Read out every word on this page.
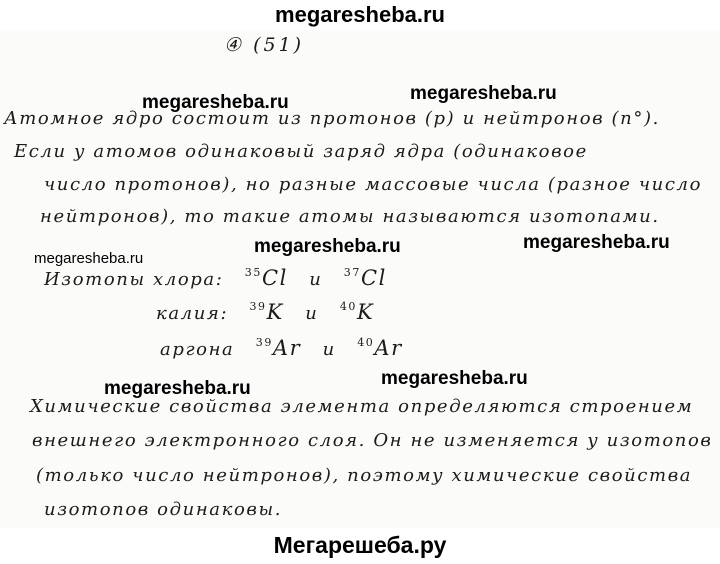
megaresheba.ru
④ (51)
Атомное ядро состоит из протонов (р) и нейтронов (n°).
Если у атомов одинаковый заряд ядра (одинаковое
число протонов), но разные массовые числа (разное число
нейтронов), то такие атомы называются изотопами.
Изотопы хлора: $^{35}$Cl и $^{37}$Cl
калия: $^{39}$K и $^{40}$K
аргона $^{39}$Ar и $^{40}$Ar
Химические свойства элемента определяются строением
внешнего электронного слоя. Он не изменяется у изотопов
(только число нейтронов), поэтому химические свойства
изотопов одинаковы.
megaresheba.ru	megaresheba.ru
megaresheba.ru	megaresheba.ru
megaresheba.ru
megaresheba.ru	megaresheba.ru
Мегарешеба.ру
